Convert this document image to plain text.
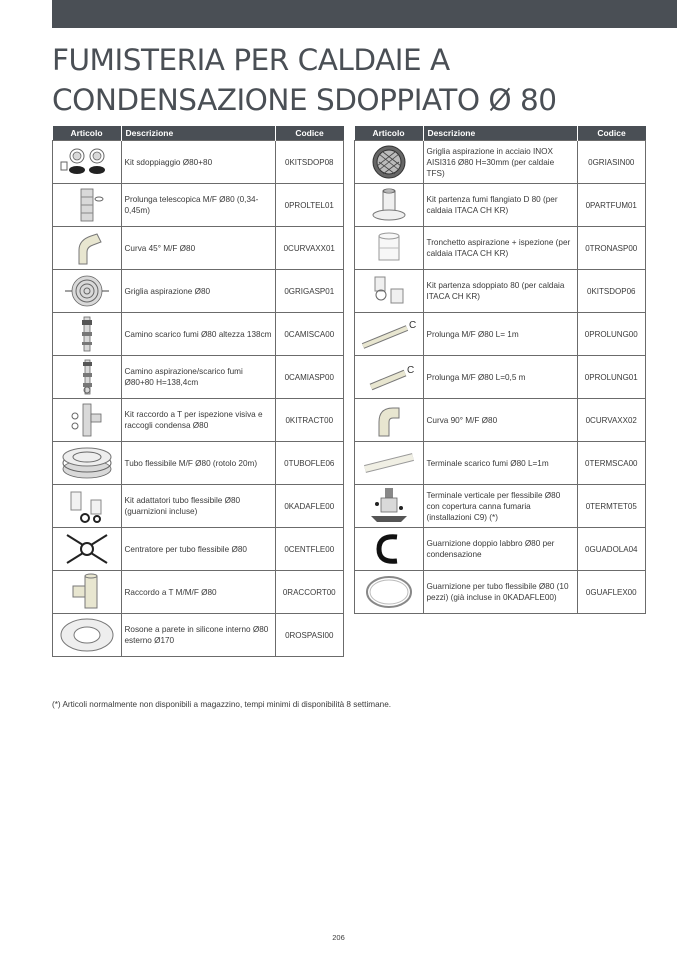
FUMISTERIA PER CALDAIE A
CONDENSAZIONE SDOPPIATO Ø 80
Articolo	Descrizione	Codice

	Kit sdoppiaggio Ø80+80	0KITSDOP08

	Prolunga telescopica M/F Ø80 (0,34-0,45m)	0PROLTEL01

	Curva 45° M/F Ø80	0CURVAXX01

	Griglia aspirazione Ø80	0GRIGASP01

	Camino scarico fumi Ø80 altezza 138cm	0CAMISCA00

	Camino aspirazione/scarico fumi Ø80+80 H=138,4cm	0CAMIASP00

	Kit raccordo a T per ispezione visiva e raccogli condensa Ø80	0KITRACT00

	Tubo flessibile M/F Ø80 (rotolo 20m)	0TUBOFLE06

	Kit adattatori tubo flessibile Ø80 (guarnizioni incluse)	0KADAFLE00

	Centratore per tubo flessibile Ø80	0CENTFLE00

	Raccordo a T M/M/F Ø80	0RACCORT00

	Rosone a parete in silicone interno Ø80 esterno Ø170	0ROSPASI00
Articolo	Descrizione	Codice

	Griglia aspirazione in acciaio INOX AISI316 Ø80 H=30mm (per caldaie TFS)	0GRIASIN00

	Kit partenza fumi flangiato D 80 (per caldaia ITACA CH KR)	0PARTFUM01

	Tronchetto aspirazione + ispezione (per caldaia ITACA CH KR)	0TRONASP00

	Kit partenza sdoppiato 80 (per caldaia ITACA CH KR)	0KITSDOP06

C	Prolunga M/F Ø80 L= 1m	0PROLUNG00

C	Prolunga M/F Ø80 L=0,5 m	0PROLUNG01

	Curva 90° M/F Ø80	0CURVAXX02

	Terminale scarico fumi Ø80 L=1m	0TERMSCA00

	Terminale verticale per flessibile Ø80 con copertura canna fumaria (installazioni C9) (*)	0TERMTET05

	Guarnizione doppio labbro Ø80 per condensazione	0GUADOLA04

	Guarnizione per tubo flessibile Ø80 (10 pezzi) (già incluse in 0KADAFLE00)	0GUAFLEX00
(*) Articoli normalmente non disponibili a magazzino, tempi minimi di disponibilità 8 settimane.
206
